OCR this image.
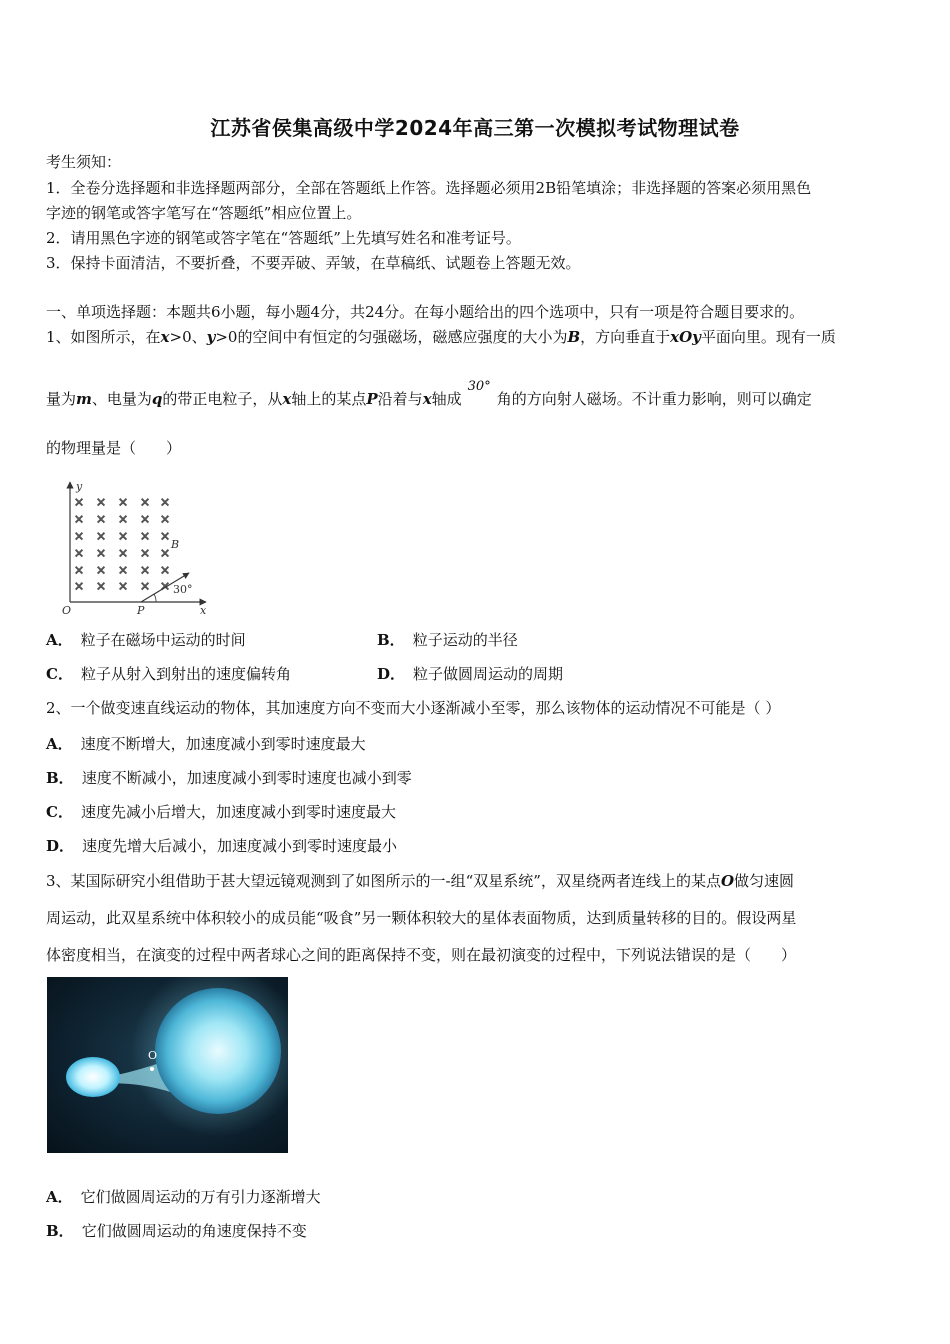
江苏省侯集高级中学2024年高三第一次模拟考试物理试卷
考生须知：
1．全卷分选择题和非选择题两部分，全部在答题纸上作答。选择题必须用2B铅笔填涂；非选择题的答案必须用黑色
字迹的钢笔或答字笔写在“答题纸”相应位置上。
2．请用黑色字迹的钢笔或答字笔在“答题纸”上先填写姓名和准考证号。
3．保持卡面清洁，不要折叠，不要弄破、弄皱，在草稿纸、试题卷上答题无效。
一、单项选择题：本题共6小题，每小题4分，共24分。在每小题给出的四个选项中，只有一项是符合题目要求的。
1、如图所示，在x>0、y>0的空间中有恒定的匀强磁场，磁感应强度的大小为B，方向垂直于xOy平面向里。现有一质
量为m、电量为q的带正电粒子，从x轴上的某点P沿着与x轴成30°角的方向射人磁场。不计重力影响，则可以确定
的物理量是（　　）
× × × × ×
× × × × ×
× × × × ×
× × × × ×
× × × × ×
× × × × ×
y
x
O	P
B
30°
A． 粒子在磁场中运动的时间	B． 粒子运动的半径
C． 粒子从射入到射出的速度偏转角	D． 粒子做圆周运动的周期
2、一个做变速直线运动的物体，其加速度方向不变而大小逐渐减小至零，那么该物体的运动情况不可能是（ ）
A． 速度不断增大，加速度减小到零时速度最大
B． 速度不断减小，加速度减小到零时速度也减小到零
C． 速度先减小后增大，加速度减小到零时速度最大
D． 速度先增大后减小，加速度减小到零时速度最小
3、某国际研究小组借助于甚大望远镜观测到了如图所示的一-组“双星系统”，双星绕两者连线上的某点O做匀速圆
周运动，此双星系统中体积较小的成员能“吸食”另一颗体积较大的星体表面物质，达到质量转移的目的。假设两星
体密度相当，在演变的过程中两者球心之间的距离保持不变，则在最初演变的过程中，下列说法错误的是（　　）
O
A． 它们做圆周运动的万有引力逐渐增大
B． 它们做圆周运动的角速度保持不变
